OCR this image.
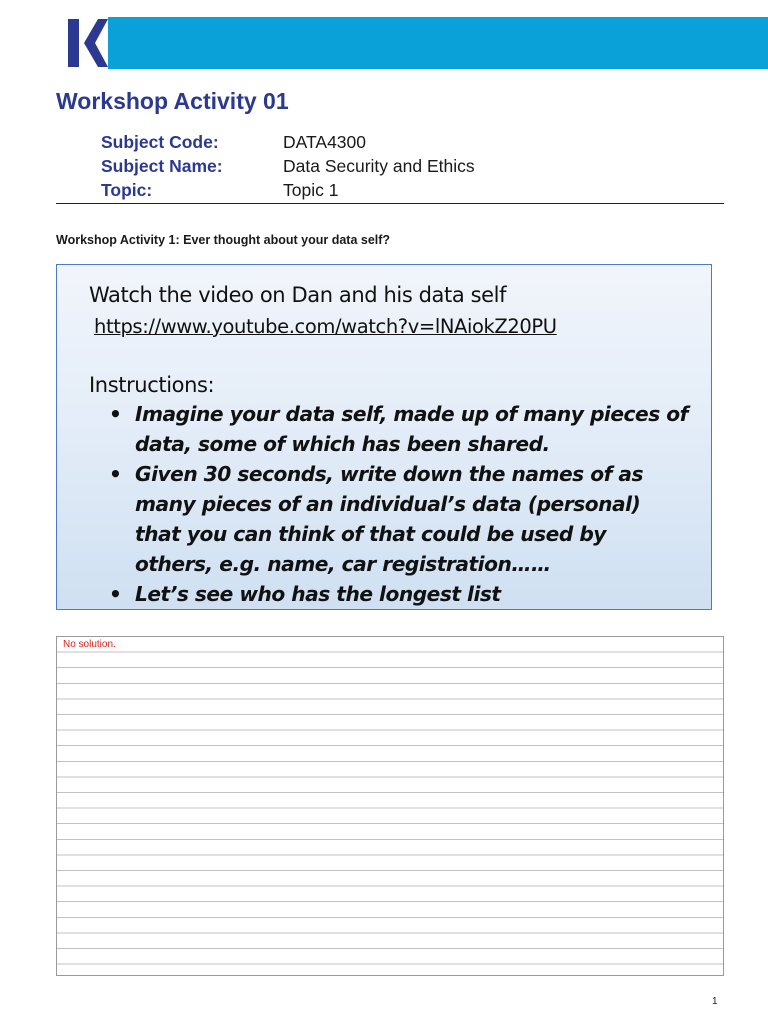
Workshop Activity 01
Subject Code:	DATA4300
Subject Name:	Data Security and Ethics
Topic:	Topic 1
Workshop Activity 1: Ever thought about your data self?
Watch the video on Dan and his data self
https://www.youtube.com/watch?v=lNAiokZ20PU
Instructions:
• Imagine your data self, made up of many pieces of data, some of which has been shared.
• Given 30 seconds, write down the names of as many pieces of an individual’s data (personal) that you can think of that could be used by others, e.g. name, car registration……
• Let’s see who has the longest list
No solution.
1
